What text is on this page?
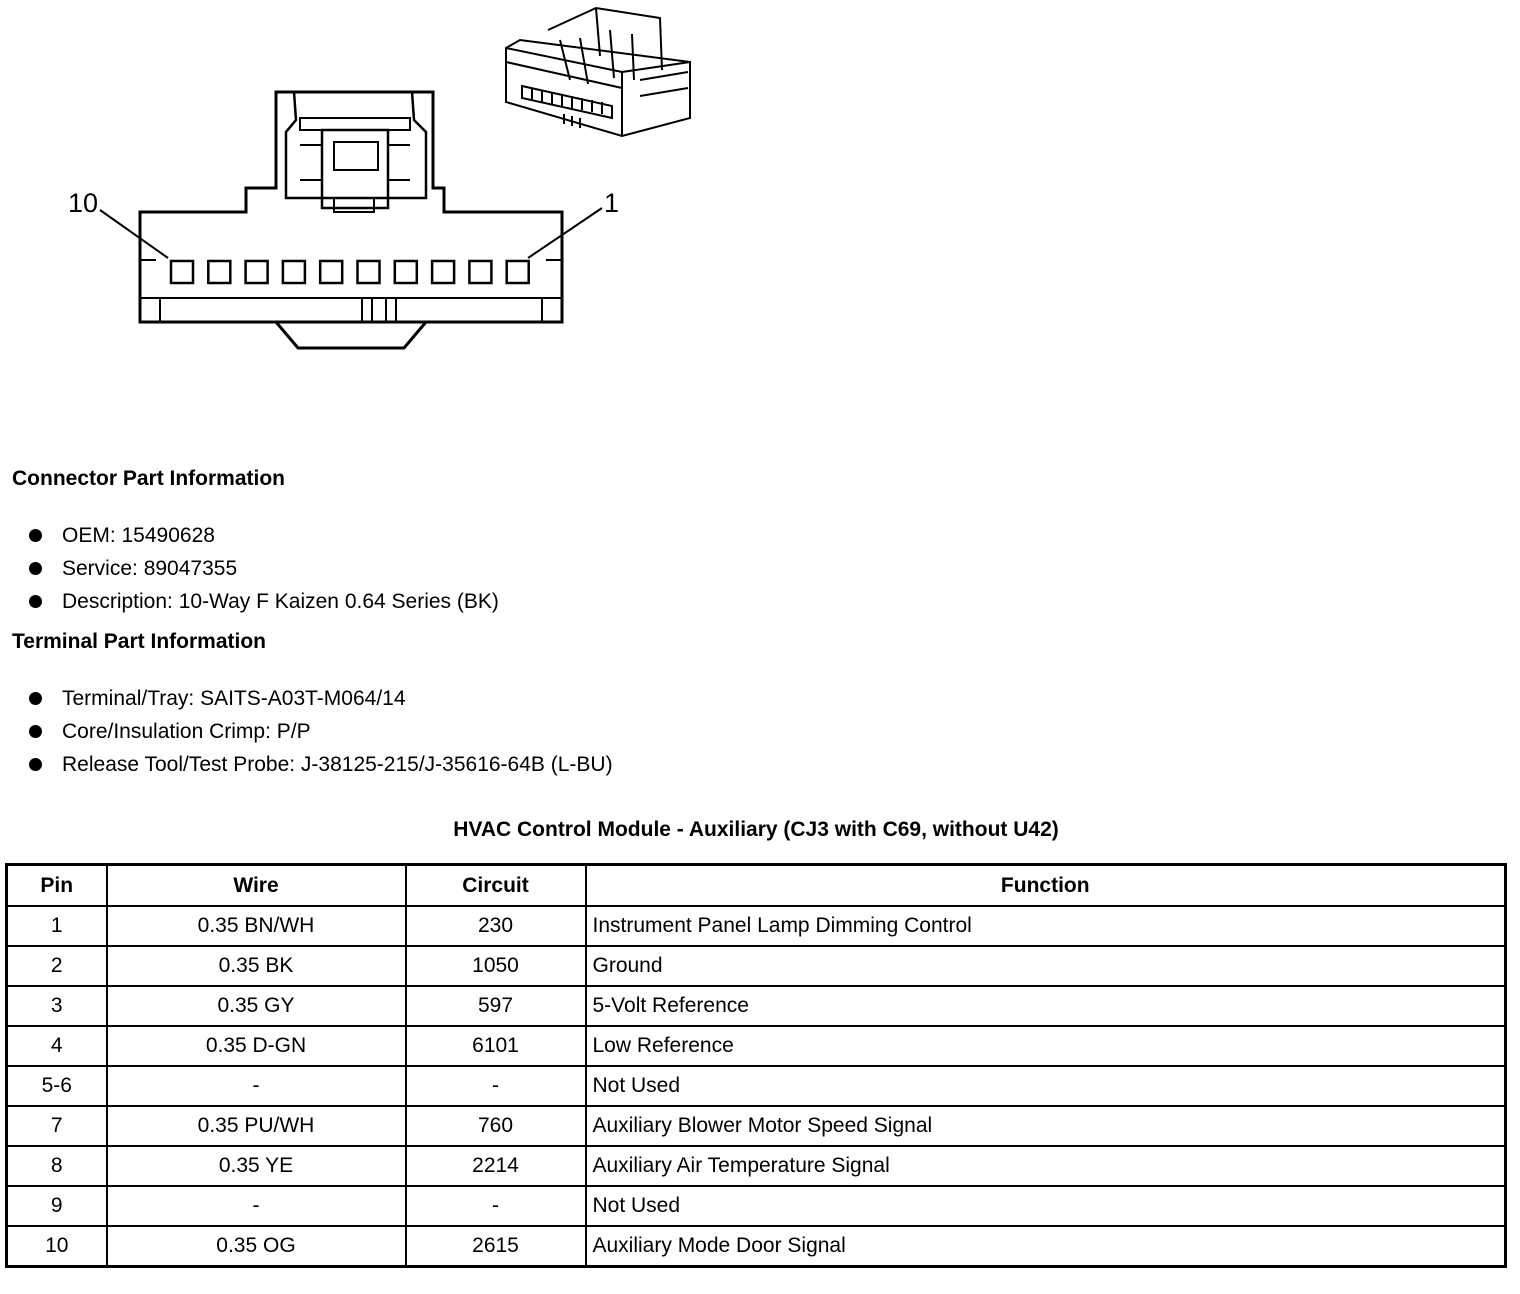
10	1
Connector Part Information
OEM: 15490628
Service: 89047355
Description: 10-Way F Kaizen 0.64 Series (BK)
Terminal Part Information
Terminal/Tray: SAITS-A03T-M064/14
Core/Insulation Crimp: P/P
Release Tool/Test Probe: J-38125-215/J-35616-64B (L-BU)
HVAC Control Module - Auxiliary (CJ3 with C69, without U42)
Pin	Wire	Circuit	Function
1	0.35 BN/WH	230	Instrument Panel Lamp Dimming Control
2	0.35 BK	1050	Ground
3	0.35 GY	597	5-Volt Reference
4	0.35 D-GN	6101	Low Reference
5-6	-	-	Not Used
7	0.35 PU/WH	760	Auxiliary Blower Motor Speed Signal
8	0.35 YE	2214	Auxiliary Air Temperature Signal
9	-	-	Not Used
10	0.35 OG	2615	Auxiliary Mode Door Signal
